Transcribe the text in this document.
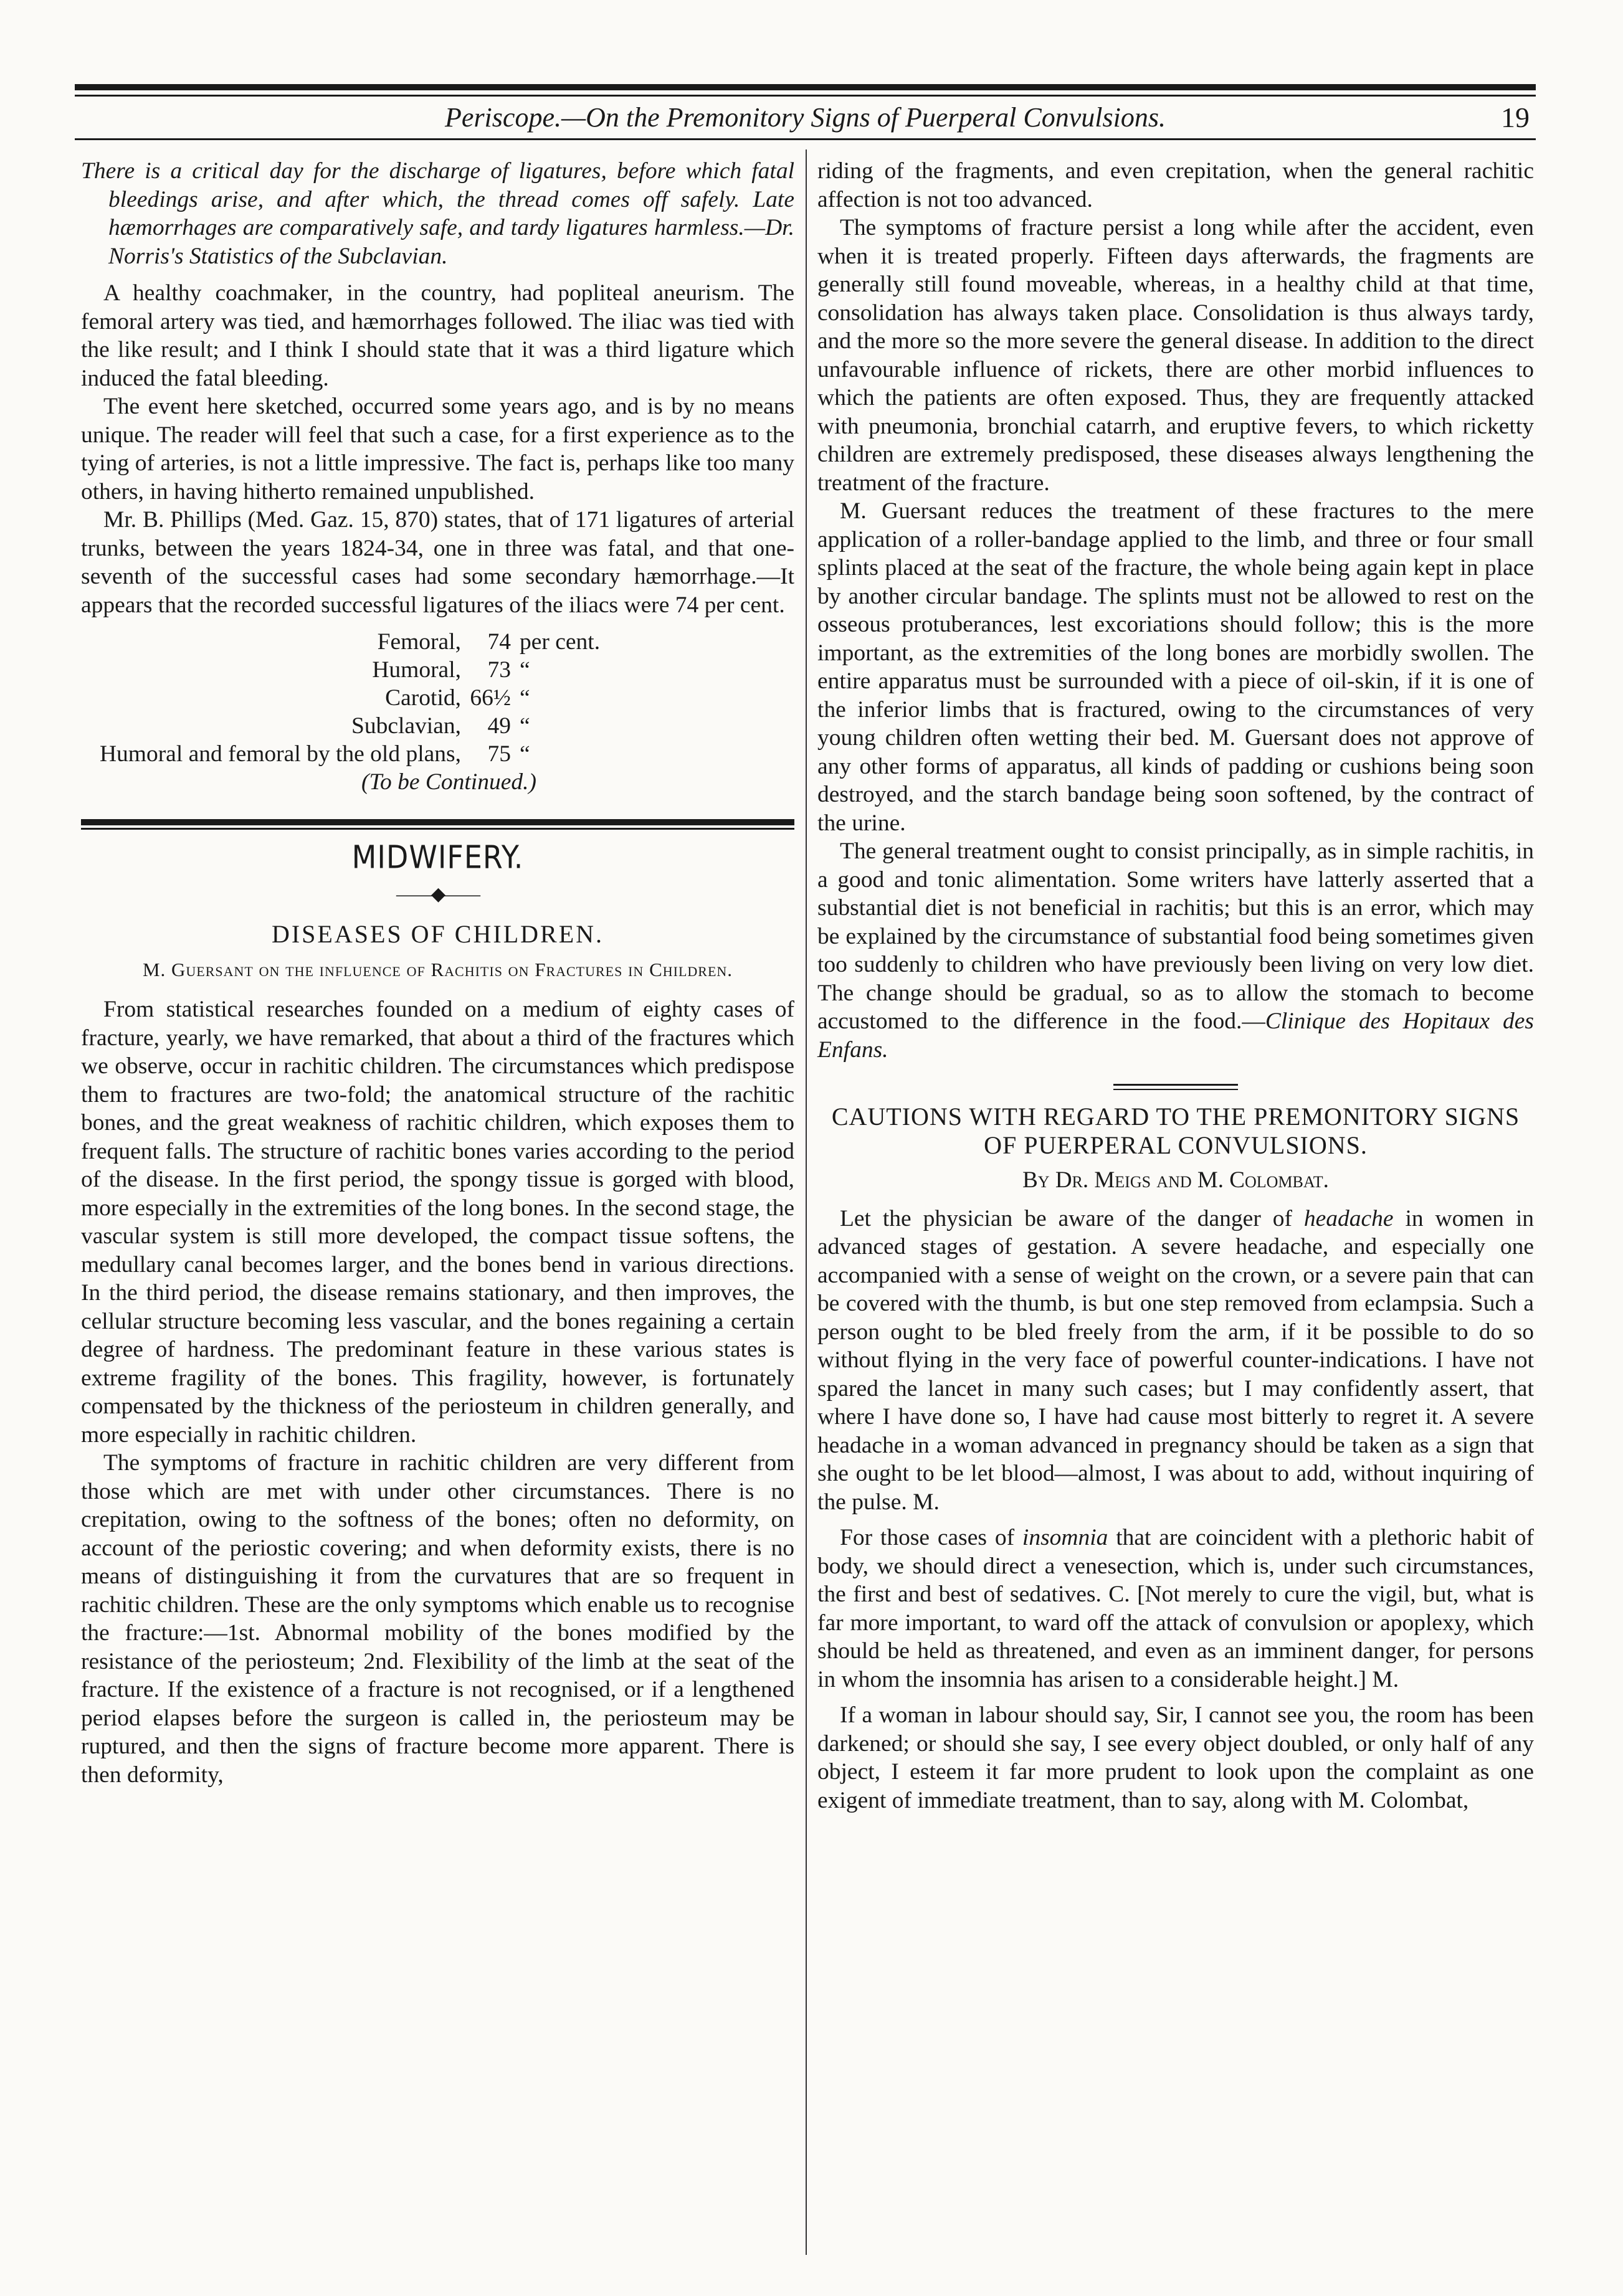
Periscope.—On the Premonitory Signs of Puerperal Convulsions.	19

There is a critical day for the discharge of ligatures, before which fatal bleedings arise, and after which, the thread comes off safely. Late hæmorrhages are comparatively safe, and tardy ligatures harmless.—Dr. Norris's Statistics of the Subclavian.

A healthy coachmaker, in the country, had popliteal aneurism. The femoral artery was tied, and hæmorrhages followed. The iliac was tied with the like result; and I think I should state that it was a third ligature which induced the fatal bleeding.

The event here sketched, occurred some years ago, and is by no means unique. The reader will feel that such a case, for a first experience as to the tying of arteries, is not a little impressive. The fact is, perhaps like too many others, in having hitherto remained unpublished.

Mr. B. Phillips (Med. Gaz. 15, 870) states, that of 171 ligatures of arterial trunks, between the years 1824-34, one in three was fatal, and that one-seventh of the successful cases had some secondary hæmorrhage.—It appears that the recorded successful ligatures of the iliacs were 74 per cent.

Femoral,	74	per cent.
Humoral,	73	“
Carotid,	66½	“
Subclavian,	49	“
Humoral and femoral by the old plans,	75	“

(To be Continued.)

MIDWIFERY.
——◆——
DISEASES OF CHILDREN.
M. Guersant on the influence of Rachitis on Fractures in Children.

From statistical researches founded on a medium of eighty cases of fracture, yearly, we have remarked, that about a third of the fractures which we observe, occur in rachitic children. The circumstances which predispose them to fractures are two-fold; the anatomical structure of the rachitic bones, and the great weakness of rachitic children, which exposes them to frequent falls. The structure of rachitic bones varies according to the period of the disease. In the first period, the spongy tissue is gorged with blood, more especially in the extremities of the long bones. In the second stage, the vascular system is still more developed, the compact tissue softens, the medullary canal becomes larger, and the bones bend in various directions. In the third period, the disease remains stationary, and then improves, the cellular structure becoming less vascular, and the bones regaining a certain degree of hardness. The predominant feature in these various states is extreme fragility of the bones. This fragility, however, is fortunately compensated by the thickness of the periosteum in children generally, and more especially in rachitic children.

The symptoms of fracture in rachitic children are very different from those which are met with under other circumstances. There is no crepitation, owing to the softness of the bones; often no deformity, on account of the periostic covering; and when deformity exists, there is no means of distinguishing it from the curvatures that are so frequent in rachitic children. These are the only symptoms which enable us to recognise the fracture:—1st. Abnormal mobility of the bones modified by the resistance of the periosteum; 2nd. Flexibility of the limb at the seat of the fracture. If the existence of a fracture is not recognised, or if a lengthened period elapses before the surgeon is called in, the periosteum may be ruptured, and then the signs of fracture become more apparent. There is then deformity,

riding of the fragments, and even crepitation, when the general rachitic affection is not too advanced.

The symptoms of fracture persist a long while after the accident, even when it is treated properly. Fifteen days afterwards, the fragments are generally still found moveable, whereas, in a healthy child at that time, consolidation has always taken place. Consolidation is thus always tardy, and the more so the more severe the general disease. In addition to the direct unfavourable influence of rickets, there are other morbid influences to which the patients are often exposed. Thus, they are frequently attacked with pneumonia, bronchial catarrh, and eruptive fevers, to which ricketty children are extremely predisposed, these diseases always lengthening the treatment of the fracture.

M. Guersant reduces the treatment of these fractures to the mere application of a roller-bandage applied to the limb, and three or four small splints placed at the seat of the fracture, the whole being again kept in place by another circular bandage. The splints must not be allowed to rest on the osseous protuberances, lest excoriations should follow; this is the more important, as the extremities of the long bones are morbidly swollen. The entire apparatus must be surrounded with a piece of oil-skin, if it is one of the inferior limbs that is fractured, owing to the circumstances of very young children often wetting their bed. M. Guersant does not approve of any other forms of apparatus, all kinds of padding or cushions being soon destroyed, and the starch bandage being soon softened, by the contract of the urine.

The general treatment ought to consist principally, as in simple rachitis, in a good and tonic alimentation. Some writers have latterly asserted that a substantial diet is not beneficial in rachitis; but this is an error, which may be explained by the circumstance of substantial food being sometimes given too suddenly to children who have previously been living on very low diet. The change should be gradual, so as to allow the stomach to become accustomed to the difference in the food.—Clinique des Hopitaux des Enfans.

CAUTIONS WITH REGARD TO THE PREMONITORY SIGNS OF PUERPERAL CONVULSIONS.
By Dr. Meigs and M. Colombat.

Let the physician be aware of the danger of headache in women in advanced stages of gestation. A severe headache, and especially one accompanied with a sense of weight on the crown, or a severe pain that can be covered with the thumb, is but one step removed from eclampsia. Such a person ought to be bled freely from the arm, if it be possible to do so without flying in the very face of powerful counter-indications. I have not spared the lancet in many such cases; but I may confidently assert, that where I have done so, I have had cause most bitterly to regret it. A severe headache in a woman advanced in pregnancy should be taken as a sign that she ought to be let blood—almost, I was about to add, without inquiring of the pulse. M.

For those cases of insomnia that are coincident with a plethoric habit of body, we should direct a venesection, which is, under such circumstances, the first and best of sedatives. C. [Not merely to cure the vigil, but, what is far more important, to ward off the attack of convulsion or apoplexy, which should be held as threatened, and even as an imminent danger, for persons in whom the insomnia has arisen to a considerable height.] M.

If a woman in labour should say, Sir, I cannot see you, the room has been darkened; or should she say, I see every object doubled, or only half of any object, I esteem it far more prudent to look upon the complaint as one exigent of immediate treatment, than to say, along with M. Colombat,
